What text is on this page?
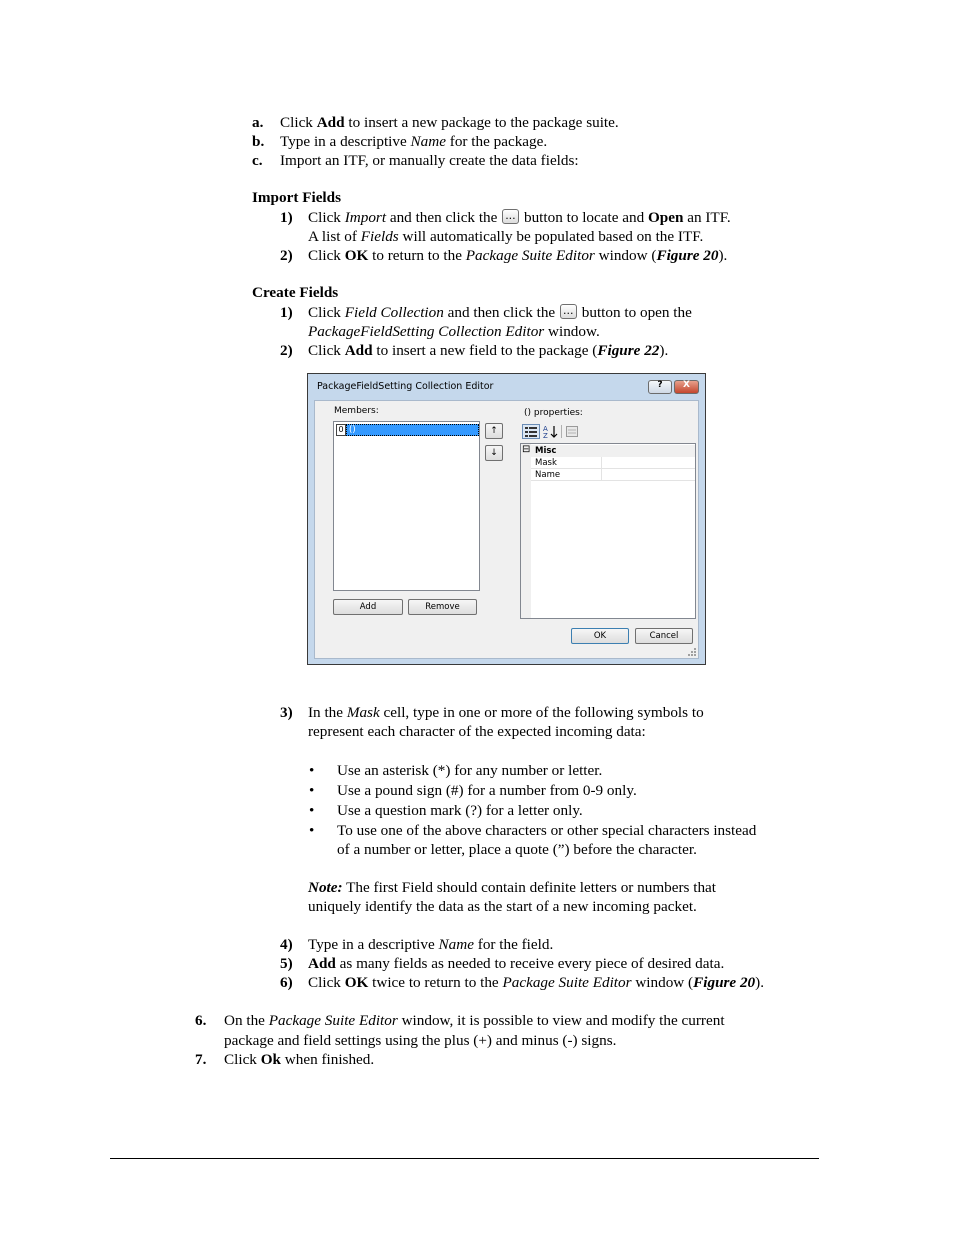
a. Click Add to insert a new package to the package suite.
b. Type in a descriptive Name for the package.
c. Import an ITF, or manually create the data fields:
Import Fields
1) Click Import and then click the ... button to locate and Open an ITF.
A list of Fields will automatically be populated based on the ITF.
2) Click OK to return to the Package Suite Editor window (Figure 20).
Create Fields
1) Click Field Collection and then click the ... button to open the
PackageFieldSetting Collection Editor window.
2) Click Add to insert a new field to the package (Figure 22).
PackageFieldSetting Collection Editor	?	X
Members:
0 ()	↑
↓
() properties:
A
Z
⊟ Misc
Mask
Name
Add	Remove
OK	Cancel
3) In the Mask cell, type in one or more of the following symbols to
represent each character of the expected incoming data:
• Use an asterisk (*) for any number or letter.
• Use a pound sign (#) for a number from 0-9 only.
• Use a question mark (?) for a letter only.
• To use one of the above characters or other special characters instead
of a number or letter, place a quote (”) before the character.
Note: The first Field should contain definite letters or numbers that
uniquely identify the data as the start of a new incoming packet.
4) Type in a descriptive Name for the field.
5) Add as many fields as needed to receive every piece of desired data.
6) Click OK twice to return to the Package Suite Editor window (Figure 20).
6. On the Package Suite Editor window, it is possible to view and modify the current
package and field settings using the plus (+) and minus (-) signs.
7. Click Ok when finished.
